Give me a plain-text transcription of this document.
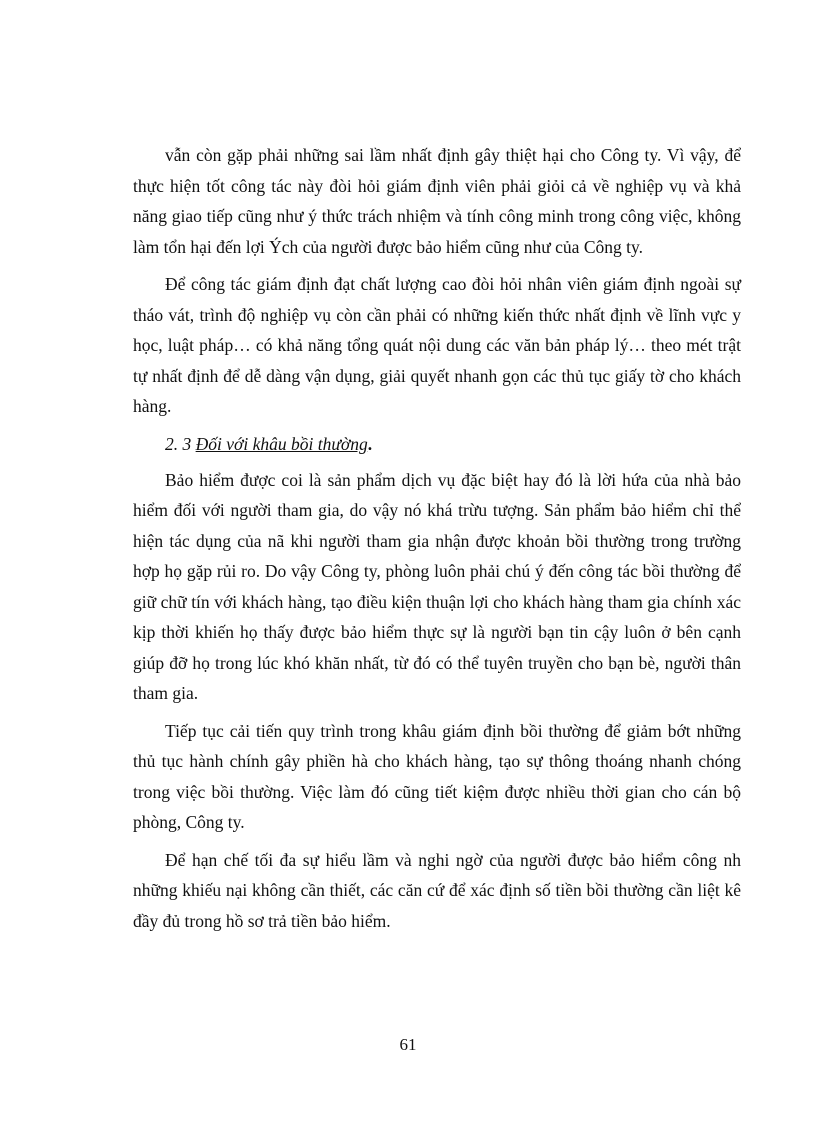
vẫn còn gặp phải những sai lầm nhất định gây thiệt hại cho Công ty. Vì vậy, để thực hiện tốt công tác này đòi hỏi giám định viên phải giỏi cả về nghiệp vụ và khả năng giao tiếp cũng như ý thức trách nhiệm và tính công minh trong công việc, không làm tổn hại đến lợi Ých của người được bảo hiểm cũng như của Công ty.

Để công tác giám định đạt chất lượng cao đòi hỏi nhân viên giám định ngoài sự tháo vát, trình độ nghiệp vụ còn cần phải có những kiến thức nhất định về lĩnh vực y học, luật pháp… có khả năng tổng quát nội dung các văn bản pháp lý… theo mét trật tự nhất định để dễ dàng vận dụng, giải quyết nhanh gọn các thủ tục giấy tờ cho khách hàng.

2. 3 Đối với khâu bồi thường.

Bảo hiểm được coi là sản phẩm dịch vụ đặc biệt hay đó là lời hứa của nhà bảo hiểm đối với người tham gia, do vậy nó khá trừu tượng. Sản phẩm bảo hiểm chỉ thể hiện tác dụng của nã khi người tham gia nhận được khoản bồi thường trong trường hợp họ gặp rủi ro. Do vậy Công ty, phòng luôn phải chú ý đến công tác bồi thường để giữ chữ tín với khách hàng, tạo điều kiện thuận lợi cho khách hàng tham gia chính xác kịp thời khiến họ thấy được bảo hiểm thực sự là người bạn tin cậy luôn ở bên cạnh giúp đỡ họ trong lúc khó khăn nhất, từ đó có thể tuyên truyền cho bạn bè, người thân tham gia.

Tiếp tục cải tiến quy trình trong khâu giám định bồi thường để giảm bớt những thủ tục hành chính gây phiền hà cho khách hàng, tạo sự thông thoáng nhanh chóng trong việc bồi thường. Việc làm đó cũng tiết kiệm được nhiều thời gian cho cán bộ phòng, Công ty.

Để hạn chế tối đa sự hiểu lầm và nghi ngờ của người được bảo hiểm công nh những khiếu nại không cần thiết, các căn cứ để xác định số tiền bồi thường cần liệt kê đầy đủ trong hồ sơ trả tiền bảo hiểm.

61
